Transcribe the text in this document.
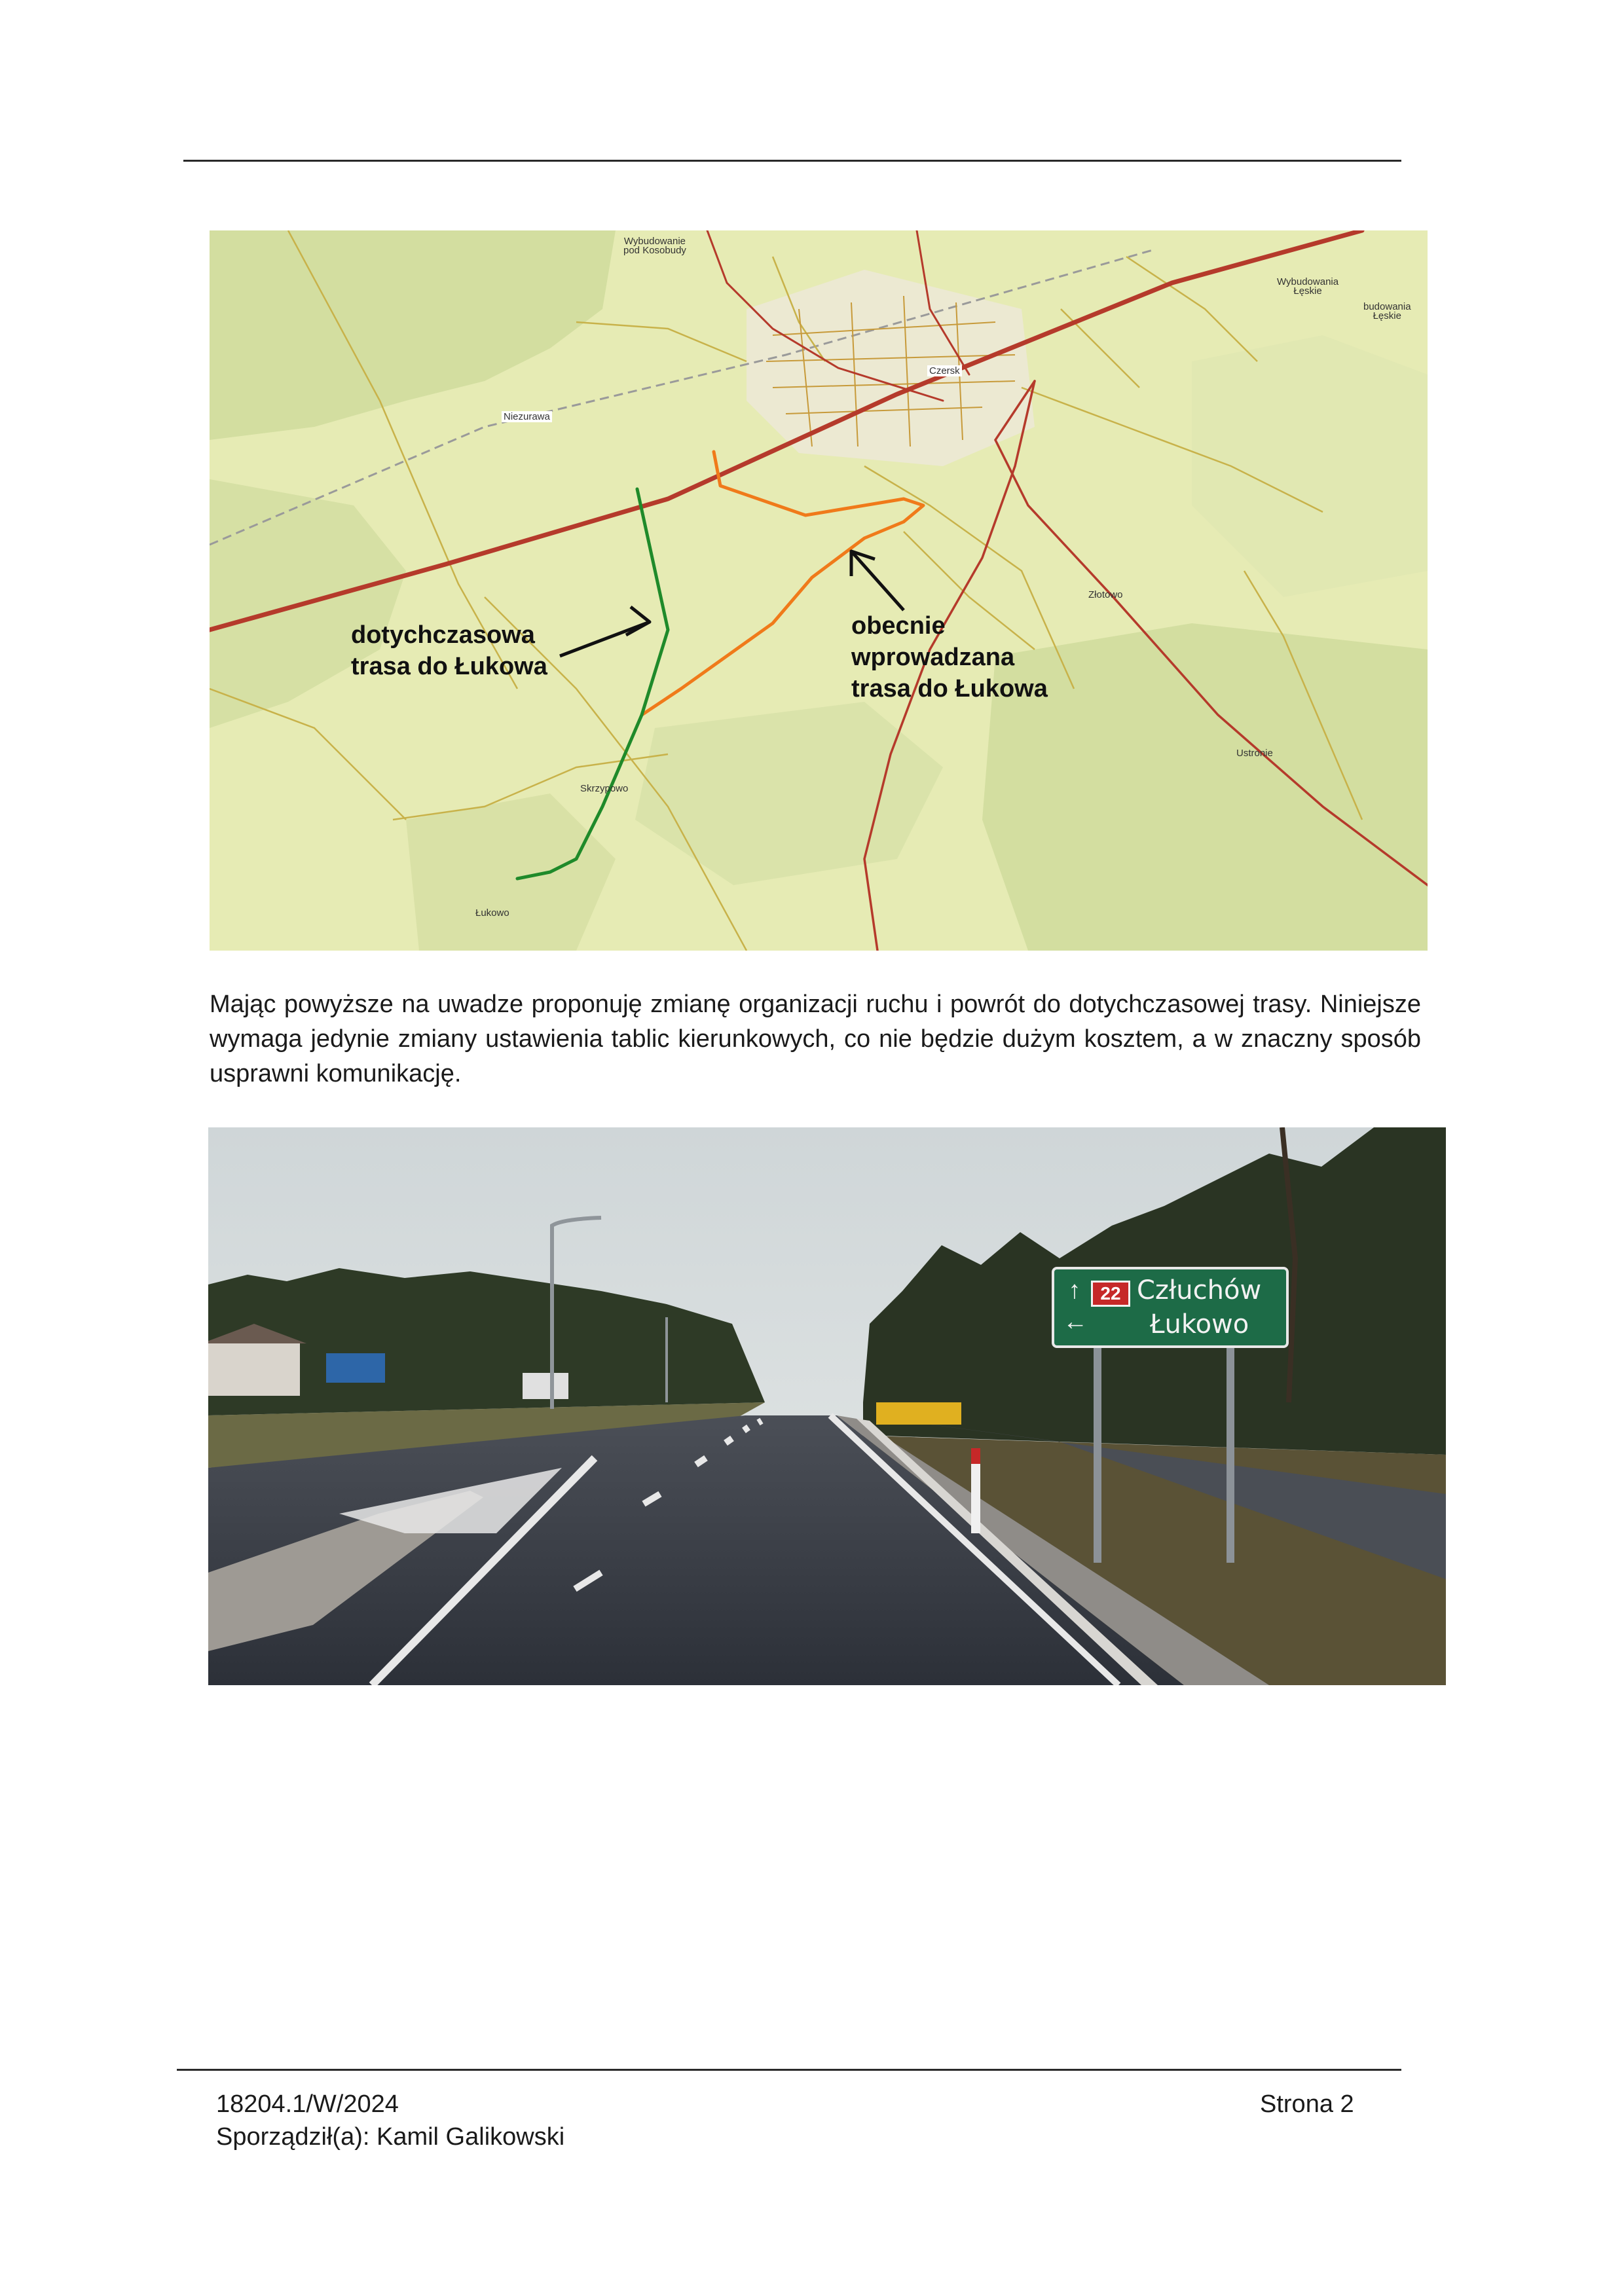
Wybudowanie
pod Kosobudy
Wybudowania
Łęskie
budowania
Łęskie
Czersk
Niezurawa
Złotowo
Ustronie
Skrzypowo
Łukowo
dotychczasowa
trasa do Łukowa
obecnie
wprowadzana
trasa do Łukowa

Mając powyższe na uwadze proponuję zmianę organizacji ruchu i powrót do dotychczasowej trasy. Niniejsze wymaga jedynie zmiany ustawienia tablic kierunkowych, co nie będzie dużym kosztem, a w znaczny sposób usprawni komunikację.

↑
←
22 Człuchów
Łukowo
18204.1/W/2024
Sporządził(a): Kamil Galikowski
Strona 2
